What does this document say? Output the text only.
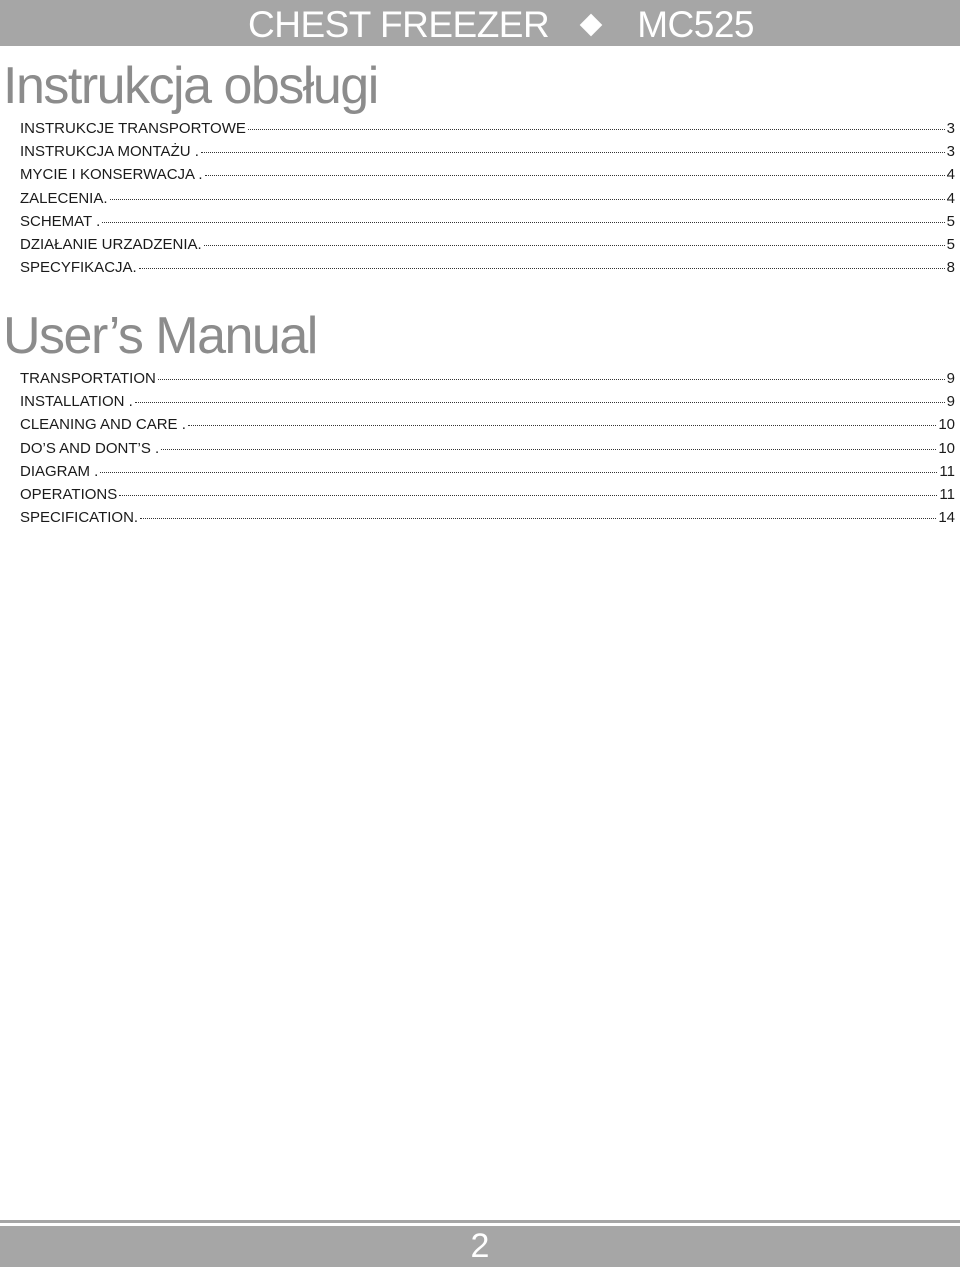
CHEST FREEZER MC525
Instrukcja obsługi
INSTRUKCJE TRANSPORTOWE	3
INSTRUKCJA MONTAŻU .	3
MYCIE I KONSERWACJA .	4
ZALECENIA.	4
SCHEMAT .	5
DZIAŁANIE URZADZENIA.	5
SPECYFIKACJA.	8
User’s Manual
TRANSPORTATION	9
INSTALLATION .	9
CLEANING AND CARE .	10
DO’S AND DONT’S .	10
DIAGRAM .	11
OPERATIONS	11
SPECIFICATION.	14
2
